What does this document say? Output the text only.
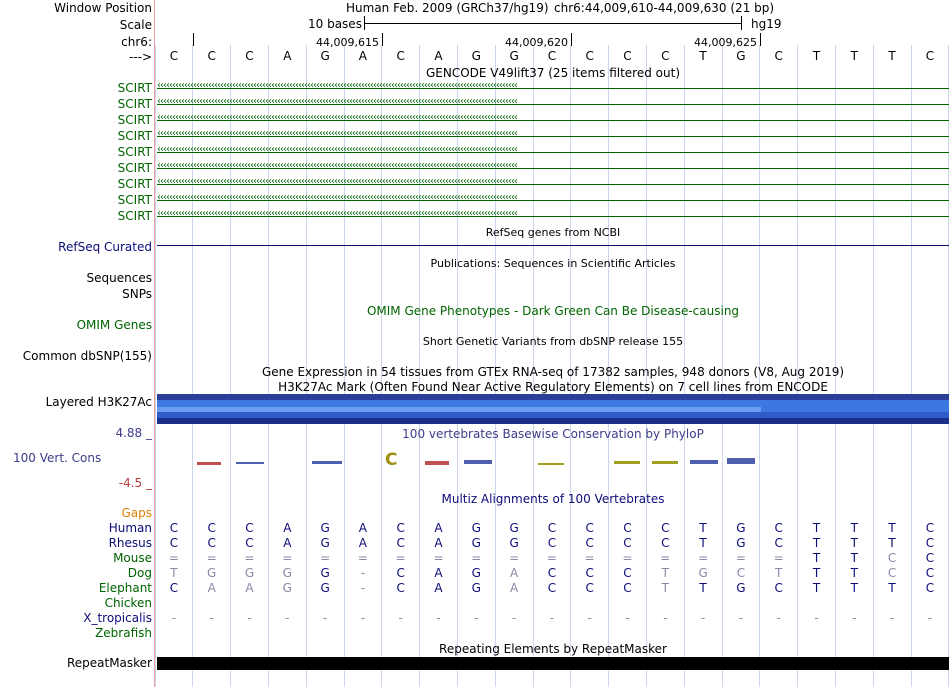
Window Position	Human Feb. 2009 (GRCh37/hg19) chr6:44,009,610-44,009,630 (21 bp)
Scale	10 bases	hg19
chr6:	44,009,615	44,009,620	44,009,625
--->	C	C	C	A	G	A	C	A	G	G	C	C	C	C	T	G	C	T	T	T	C
GENCODE V49lift37 (25 items filtered out)
SCIRT ‹‹‹‹‹‹‹‹‹‹‹‹‹‹‹‹‹‹‹‹‹‹‹‹‹‹‹‹‹‹‹‹‹‹‹‹‹‹‹‹‹‹‹‹‹‹‹‹‹‹‹‹‹‹‹‹‹‹‹‹‹‹‹‹‹‹‹‹‹‹‹‹‹‹‹‹‹‹‹‹‹‹‹‹‹‹‹‹‹‹‹‹‹‹‹‹‹‹‹‹‹‹‹‹‹‹‹‹‹‹‹‹‹‹‹‹‹‹‹‹
SCIRT ‹‹‹‹‹‹‹‹‹‹‹‹‹‹‹‹‹‹‹‹‹‹‹‹‹‹‹‹‹‹‹‹‹‹‹‹‹‹‹‹‹‹‹‹‹‹‹‹‹‹‹‹‹‹‹‹‹‹‹‹‹‹‹‹‹‹‹‹‹‹‹‹‹‹‹‹‹‹‹‹‹‹‹‹‹‹‹‹‹‹‹‹‹‹‹‹‹‹‹‹‹‹‹‹‹‹‹‹‹‹‹‹‹‹‹‹‹‹‹‹
SCIRT ‹‹‹‹‹‹‹‹‹‹‹‹‹‹‹‹‹‹‹‹‹‹‹‹‹‹‹‹‹‹‹‹‹‹‹‹‹‹‹‹‹‹‹‹‹‹‹‹‹‹‹‹‹‹‹‹‹‹‹‹‹‹‹‹‹‹‹‹‹‹‹‹‹‹‹‹‹‹‹‹‹‹‹‹‹‹‹‹‹‹‹‹‹‹‹‹‹‹‹‹‹‹‹‹‹‹‹‹‹‹‹‹‹‹‹‹‹‹‹‹
SCIRT ‹‹‹‹‹‹‹‹‹‹‹‹‹‹‹‹‹‹‹‹‹‹‹‹‹‹‹‹‹‹‹‹‹‹‹‹‹‹‹‹‹‹‹‹‹‹‹‹‹‹‹‹‹‹‹‹‹‹‹‹‹‹‹‹‹‹‹‹‹‹‹‹‹‹‹‹‹‹‹‹‹‹‹‹‹‹‹‹‹‹‹‹‹‹‹‹‹‹‹‹‹‹‹‹‹‹‹‹‹‹‹‹‹‹‹‹‹‹‹‹
SCIRT ‹‹‹‹‹‹‹‹‹‹‹‹‹‹‹‹‹‹‹‹‹‹‹‹‹‹‹‹‹‹‹‹‹‹‹‹‹‹‹‹‹‹‹‹‹‹‹‹‹‹‹‹‹‹‹‹‹‹‹‹‹‹‹‹‹‹‹‹‹‹‹‹‹‹‹‹‹‹‹‹‹‹‹‹‹‹‹‹‹‹‹‹‹‹‹‹‹‹‹‹‹‹‹‹‹‹‹‹‹‹‹‹‹‹‹‹‹‹‹‹
SCIRT ‹‹‹‹‹‹‹‹‹‹‹‹‹‹‹‹‹‹‹‹‹‹‹‹‹‹‹‹‹‹‹‹‹‹‹‹‹‹‹‹‹‹‹‹‹‹‹‹‹‹‹‹‹‹‹‹‹‹‹‹‹‹‹‹‹‹‹‹‹‹‹‹‹‹‹‹‹‹‹‹‹‹‹‹‹‹‹‹‹‹‹‹‹‹‹‹‹‹‹‹‹‹‹‹‹‹‹‹‹‹‹‹‹‹‹‹‹‹‹‹
SCIRT ‹‹‹‹‹‹‹‹‹‹‹‹‹‹‹‹‹‹‹‹‹‹‹‹‹‹‹‹‹‹‹‹‹‹‹‹‹‹‹‹‹‹‹‹‹‹‹‹‹‹‹‹‹‹‹‹‹‹‹‹‹‹‹‹‹‹‹‹‹‹‹‹‹‹‹‹‹‹‹‹‹‹‹‹‹‹‹‹‹‹‹‹‹‹‹‹‹‹‹‹‹‹‹‹‹‹‹‹‹‹‹‹‹‹‹‹‹‹‹‹
SCIRT ‹‹‹‹‹‹‹‹‹‹‹‹‹‹‹‹‹‹‹‹‹‹‹‹‹‹‹‹‹‹‹‹‹‹‹‹‹‹‹‹‹‹‹‹‹‹‹‹‹‹‹‹‹‹‹‹‹‹‹‹‹‹‹‹‹‹‹‹‹‹‹‹‹‹‹‹‹‹‹‹‹‹‹‹‹‹‹‹‹‹‹‹‹‹‹‹‹‹‹‹‹‹‹‹‹‹‹‹‹‹‹‹‹‹‹‹‹‹‹‹
SCIRT ‹‹‹‹‹‹‹‹‹‹‹‹‹‹‹‹‹‹‹‹‹‹‹‹‹‹‹‹‹‹‹‹‹‹‹‹‹‹‹‹‹‹‹‹‹‹‹‹‹‹‹‹‹‹‹‹‹‹‹‹‹‹‹‹‹‹‹‹‹‹‹‹‹‹‹‹‹‹‹‹‹‹‹‹‹‹‹‹‹‹‹‹‹‹‹‹‹‹‹‹‹‹‹‹‹‹‹‹‹‹‹‹‹‹‹‹‹‹‹‹
RefSeq genes from NCBI
RefSeq Curated
Publications: Sequences in Scientific Articles
Sequences
SNPs
OMIM Gene Phenotypes - Dark Green Can Be Disease-causing
OMIM Genes
Short Genetic Variants from dbSNP release 155
Common dbSNP(155)
Gene Expression in 54 tissues from GTEx RNA-seq of 17382 samples, 948 donors (V8, Aug 2019)
H3K27Ac Mark (Often Found Near Active Regulatory Elements) on 7 cell lines from ENCODE
Layered H3K27Ac
4.88 _	100 vertebrates Basewise Conservation by PhyloP
100 Vert. Cons
-4.5 _
C
Multiz Alignments of 100 Vertebrates
Gaps
Human	C	C	C	A	G	A	C	A	G	G	C	C	C	C	T	G	C	T	T	T	C
Rhesus	C	C	C	A	G	A	C	A	G	G	C	C	C	C	T	G	C	T	T	T	C
Mouse	=	=	=	=	=	=	=	=	=	=	=	=	=	=	=	=	=	T	T	C	C
Dog	T	G	G	G	G	-	C	A	G	A	C	C	C	T	G	C	T	T	T	C	C
Elephant	C	A	A	G	G	-	C	A	G	A	C	C	C	T	T	G	C	T	T	T	C
Chicken
X_tropicalis	-	-	-	-	-	-	-	-	-	-	-	-	-	-	-	-	-	-	-	-	-
Zebrafish
Repeating Elements by RepeatMasker
RepeatMasker
